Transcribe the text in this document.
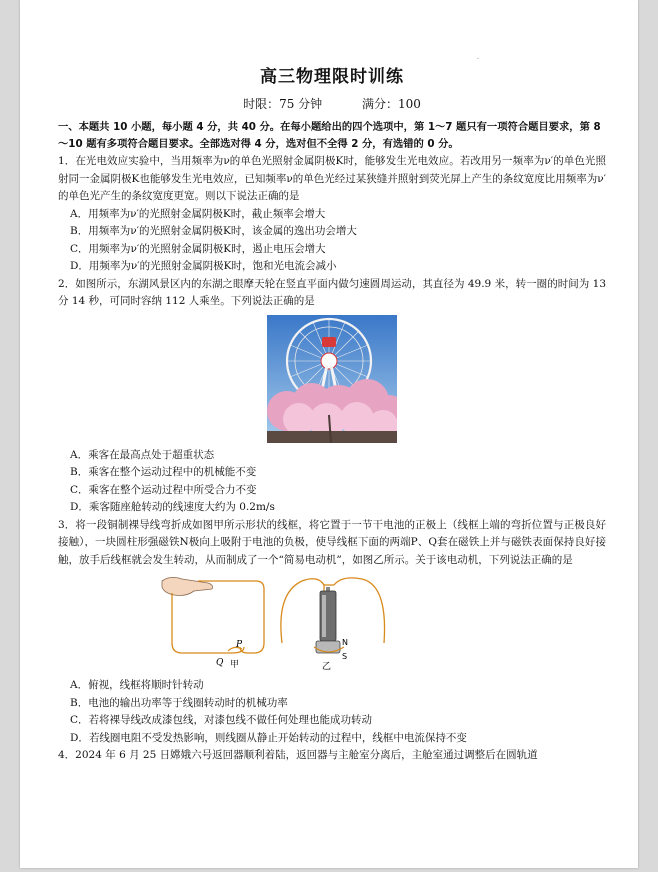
·
高三物理限时训练
时限：75 分钟	满分：100
一、本题共 10 小题，每小题 4 分，共 40 分。在每小题给出的四个选项中，第 1～7 题只有一项符合题目要求，第 8～10 题有多项符合题目要求。全部选对得 4 分，选对但不全得 2 分，有选错的 0 分。
1．在光电效应实验中，当用频率为ν的单色光照射金属阴极K时，能够发生光电效应。若改用另一频率为ν′的单色光照射同一金属阴极K也能够发生光电效应，已知频率ν的单色光经过某狭缝并照射到荧光屏上产生的条纹宽度比用频率为ν′的单色光产生的条纹宽度更宽。则以下说法正确的是
A．用频率为ν′的光照射金属阴极K时，截止频率会增大
B．用频率为ν′的光照射金属阴极K时，该金属的逸出功会增大
C．用频率为ν′的光照射金属阴极K时，遏止电压会增大
D．用频率为ν′的光照射金属阴极K时，饱和光电流会减小
2．如图所示，东湖风景区内的东湖之眼摩天轮在竖直平面内做匀速圆周运动，其直径为 49.9 米，转一圈的时间为 13 分 14 秒，可同时容纳 112 人乘坐。下列说法正确的是
A．乘客在最高点处于超重状态
B．乘客在整个运动过程中的机械能不变
C．乘客在整个运动过程中所受合力不变
D．乘客随座舱转动的线速度大约为 0.2m/s
3．将一段铜制裸导线弯折成如图甲所示形状的线框，将它置于一节干电池的正极上（线框上端的弯折位置与正极良好接触），一块圆柱形强磁铁N极向上吸附于电池的负极，使导线框下面的两端P、Q套在磁铁上并与磁铁表面保持良好接触，放手后线框就会发生转动，从而制成了一个“简易电动机”，如图乙所示。关于该电动机，下列说法正确的是
Q
P
甲
N
S
乙
A．俯视，线框将顺时针转动
B．电池的输出功率等于线圈转动时的机械功率
C．若将裸导线改成漆包线，对漆包线不做任何处理也能成功转动
D．若线圈电阻不受发热影响，则线圈从静止开始转动的过程中，线框中电流保持不变
4．2024 年 6 月 25 日嫦娥六号返回器顺利着陆，返回器与主舱室分离后，主舱室通过调整后在圆轨道
